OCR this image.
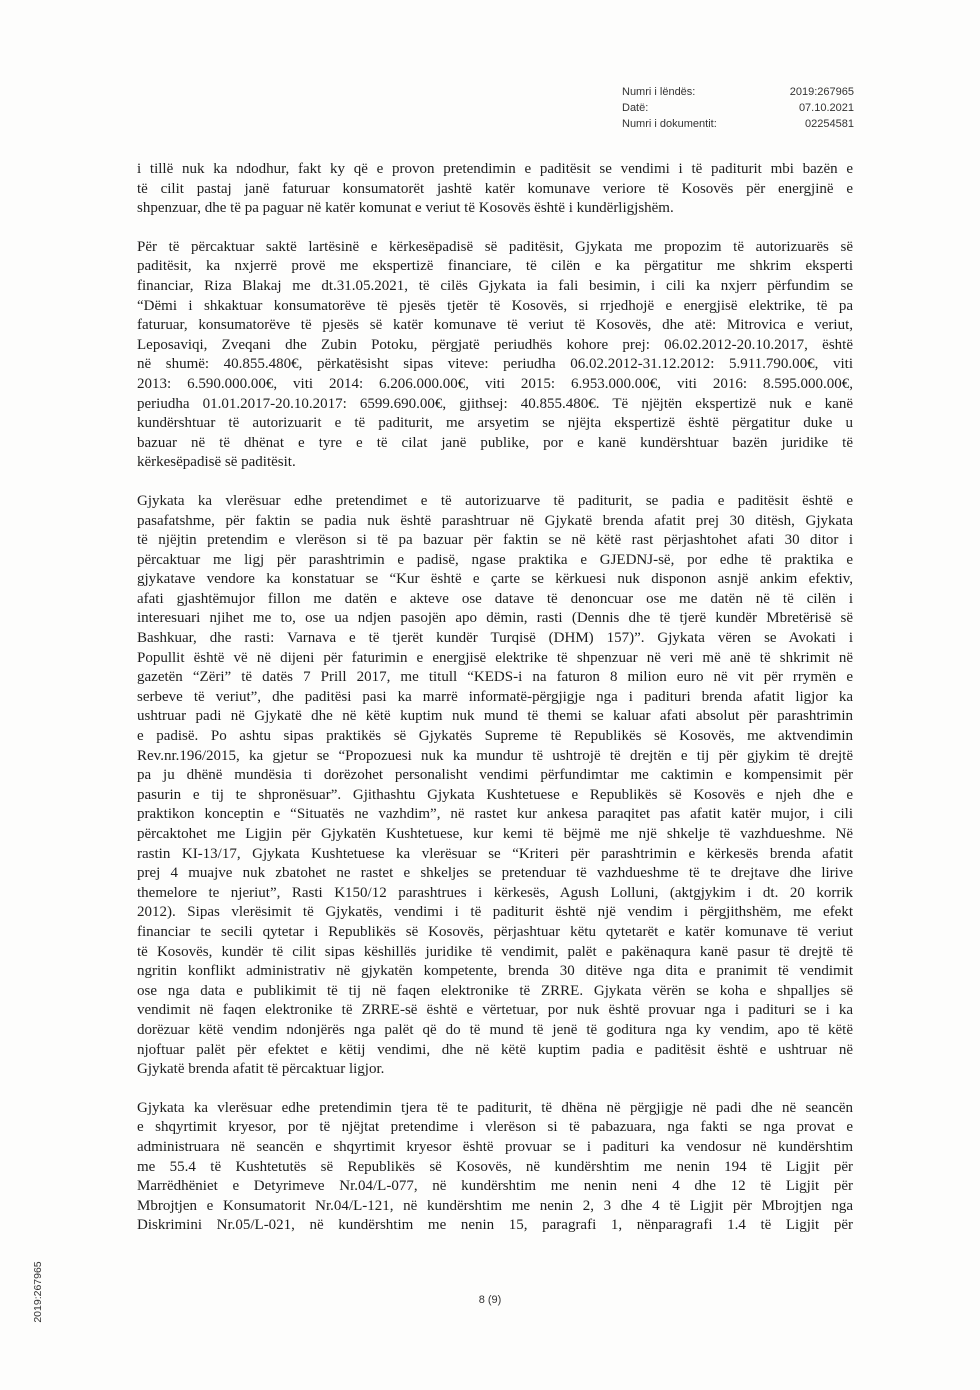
Numri i lëndës:	2019:267965
Datë:	07.10.2021
Numri i dokumentit:	02254581
i tillë nuk ka ndodhur, fakt ky që e provon pretendimin e paditësit se vendimi i të paditurit mbi bazën e
të cilit pastaj janë faturuar konsumatorët jashtë katër komunave veriore të Kosovës për energjinë e
shpenzuar, dhe të pa paguar në katër komunat e veriut të Kosovës është i kundërligjshëm.
Për të përcaktuar saktë lartësinë e kërkesëpadisë së paditësit, Gjykata me propozim të autorizuarës së
paditësit, ka nxjerrë provë me ekspertizë financiare, të cilën e ka përgatitur me shkrim eksperti
financiar, Riza Blakaj me dt.31.05.2021, të cilës Gjykata ia fali besimin, i cili ka nxjerr përfundim se
“Dëmi i shkaktuar konsumatorëve të pjesës tjetër të Kosovës, si rrjedhojë e energjisë elektrike, të pa
faturuar, konsumatorëve të pjesës së katër komunave të veriut të Kosovës, dhe atë: Mitrovica e veriut,
Leposaviqi, Zveqani dhe Zubin Potoku, përgjatë periudhës kohore prej: 06.02.2012-20.10.2017, është
në shumë: 40.855.480€, përkatësisht sipas viteve: periudha 06.02.2012-31.12.2012: 5.911.790.00€, viti
2013: 6.590.000.00€, viti 2014: 6.206.000.00€, viti 2015: 6.953.000.00€, viti 2016: 8.595.000.00€,
periudha 01.01.2017-20.10.2017: 6599.690.00€, gjithsej: 40.855.480€. Të njëjtën ekspertizë nuk e kanë
kundërshtuar të autorizuarit e të paditurit, me arsyetim se njëjta ekspertizë është përgatitur duke u
bazuar në të dhënat e tyre e të cilat janë publike, por e kanë kundërshtuar bazën juridike të
kërkesëpadisë së paditësit.
Gjykata ka vlerësuar edhe pretendimet e të autorizuarve të paditurit, se padia e paditësit është e
pasafatshme, për faktin se padia nuk është parashtruar në Gjykatë brenda afatit prej 30 ditësh, Gjykata
të njëjtin pretendim e vlerëson si të pa bazuar për faktin se në këtë rast përjashtohet afati 30 ditor i
përcaktuar me ligj për parashtrimin e padisë, ngase praktika e GJEDNJ-së, por edhe të praktika e
gjykatave vendore ka konstatuar se “Kur është e çarte se kërkuesi nuk disponon asnjë ankim efektiv,
afati gjashtëmujor fillon me datën e akteve ose datave të denoncuar ose me datën në të cilën i
interesuari njihet me to, ose ua ndjen pasojën apo dëmin, rasti (Dennis dhe të tjerë kundër Mbretërisë së
Bashkuar, dhe rasti: Varnava e të tjerët kundër Turqisë (DHM) 157)”. Gjykata vëren se Avokati i
Popullit është vë në dijeni për faturimin e energjisë elektrike të shpenzuar në veri më anë të shkrimit në
gazetën “Zëri” të datës 7 Prill 2017, me titull “KEDS-i na faturon 8 milion euro në vit për rrymën e
serbeve të veriut”, dhe paditësi pasi ka marrë informatë-përgjigje nga i padituri brenda afatit ligjor ka
ushtruar padi në Gjykatë dhe në këtë kuptim nuk mund të themi se kaluar afati absolut për parashtrimin
e padisë. Po ashtu sipas praktikës së Gjykatës Supreme të Republikës së Kosovës, me aktvendimin
Rev.nr.196/2015, ka gjetur se “Propozuesi nuk ka mundur të ushtrojë të drejtën e tij për gjykim të drejtë
pa ju dhënë mundësia ti dorëzohet personalisht vendimi përfundimtar me caktimin e kompensimit për
pasurin e tij te shpronësuar”. Gjithashtu Gjykata Kushtetuese e Republikës së Kosovës e njeh dhe e
praktikon konceptin e “Situatës ne vazhdim”, në rastet kur ankesa paraqitet pas afatit katër mujor, i cili
përcaktohet me Ligjin për Gjykatën Kushtetuese, kur kemi të bëjmë me një shkelje të vazhdueshme. Në
rastin KI-13/17, Gjykata Kushtetuese ka vlerësuar se “Kriteri për parashtrimin e kërkesës brenda afatit
prej 4 muajve nuk zbatohet ne rastet e shkeljes se pretenduar të vazhdueshme të te drejtave dhe lirive
themelore te njeriut”, Rasti K150/12 parashtrues i kërkesës, Agush Lolluni, (aktgjykim i dt. 20 korrik
2012). Sipas vlerësimit të Gjykatës, vendimi i të paditurit është një vendim i përgjithshëm, me efekt
financiar te secili qytetar i Republikës së Kosovës, përjashtuar këtu qytetarët e katër komunave të veriut
të Kosovës, kundër të cilit sipas këshillës juridike të vendimit, palët e pakënaqura kanë pasur të drejtë të
ngritin konflikt administrativ në gjykatën kompetente, brenda 30 ditëve nga dita e pranimit të vendimit
ose nga data e publikimit të tij në faqen elektronike të ZRRE. Gjykata vërën se koha e shpalljes së
vendimit në faqen elektronike të ZRRE-së është e vërtetuar, por nuk është provuar nga i padituri se i ka
dorëzuar këtë vendim ndonjërës nga palët që do të mund të jenë të goditura nga ky vendim, apo të këtë
njoftuar palët për efektet e këtij vendimi, dhe në këtë kuptim padia e paditësit është e ushtruar në
Gjykatë brenda afatit të përcaktuar ligjor.
Gjykata ka vlerësuar edhe pretendimin tjera të te paditurit, të dhëna në përgjigje në padi dhe në seancën
e shqyrtimit kryesor, por të njëjtat pretendime i vlerëson si të pabazuara, nga fakti se nga provat e
administruara në seancën e shqyrtimit kryesor është provuar se i padituri ka vendosur në kundërshtim
me 55.4 të Kushtetutës së Republikës së Kosovës, në kundërshtim me nenin 194 të Ligjit për
Marrëdhëniet e Detyrimeve Nr.04/L-077, në kundërshtim me nenin neni 4 dhe 12 të Ligjit për
Mbrojtjen e Konsumatorit Nr.04/L-121, në kundërshtim me nenin 2, 3 dhe 4 të Ligjit për Mbrojtjen nga
Diskrimini Nr.05/L-021, në kundërshtim me nenin 15, paragrafi 1, nënparagrafi 1.4 të Ligjit për
8 (9)
2019:267965
